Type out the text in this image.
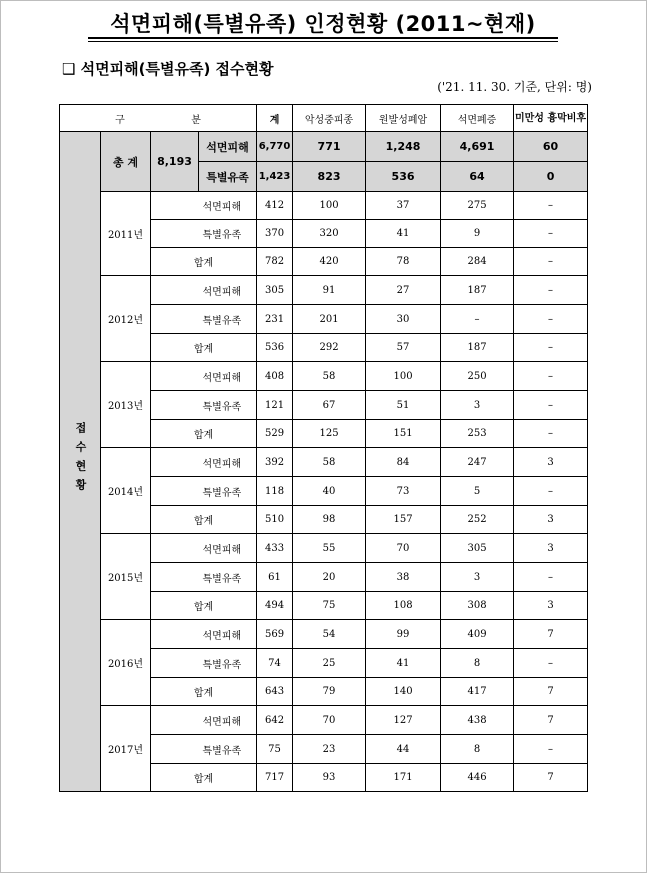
석면피해(특별유족) 인정현황 (2011~현재)
❑ 석면피해(특별유족) 접수현황
('21. 11. 30. 기준, 단위: 명)
구 분				계	악성중피종	원발성폐암	석면폐증	미만성 흉막비후
접수현황	총 계	8,193	석면피해	6,770	771	1,248	4,691	60
			특별유족	1,423	823	536	64	0
	2011년		석면피해	412	100	37	275	–
			특별유족	370	320	41	9	–
		합계		782	420	78	284	–
	2012년		석면피해	305	91	27	187	–
			특별유족	231	201	30	–	–
		합계		536	292	57	187	–
	2013년		석면피해	408	58	100	250	–
			특별유족	121	67	51	3	–
		합계		529	125	151	253	–
	2014년		석면피해	392	58	84	247	3
			특별유족	118	40	73	5	–
		합계		510	98	157	252	3
	2015년		석면피해	433	55	70	305	3
			특별유족	61	20	38	3	–
		합계		494	75	108	308	3
	2016년		석면피해	569	54	99	409	7
			특별유족	74	25	41	8	–
		합계		643	79	140	417	7
	2017년		석면피해	642	70	127	438	7
			특별유족	75	23	44	8	–
		합계		717	93	171	446	7
